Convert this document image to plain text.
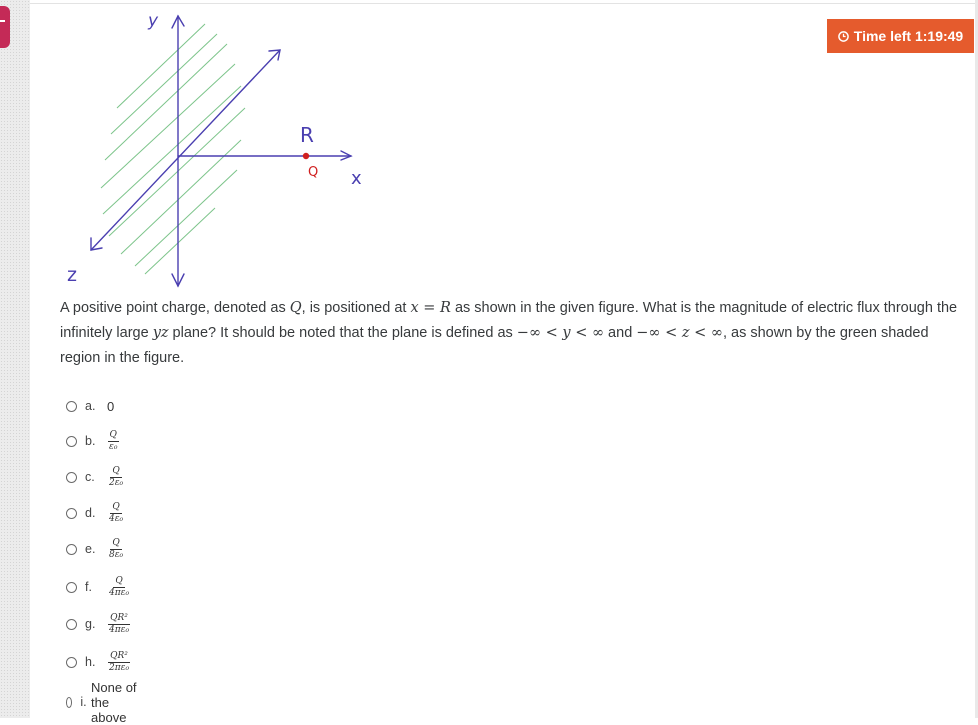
Time left 1:19:49
y
z
x
R
Q
A positive point charge, denoted as Q, is positioned at x = R as shown in the given figure. What is the magnitude of electric flux through the infinitely large yz plane? It should be noted that the plane is defined as −∞ < y < ∞ and −∞ < z < ∞, as shown by the green shaded region in the figure.
a. 0
b.	$\frac{Q}{\text{ε₀}}$
c.	$\frac{Q}{\text{2ε₀}}$
d.	$\frac{Q}{\text{4ε₀}}$
e.	$\frac{Q}{\text{8ε₀}}$
f.	$\frac{Q}{\text{4πε₀}}$
g.	$\frac{\text{QR²}}{\text{4πε₀}}$
h.	$\frac{\text{QR²}}{\text{2πε₀}}$
i.
None of the above
